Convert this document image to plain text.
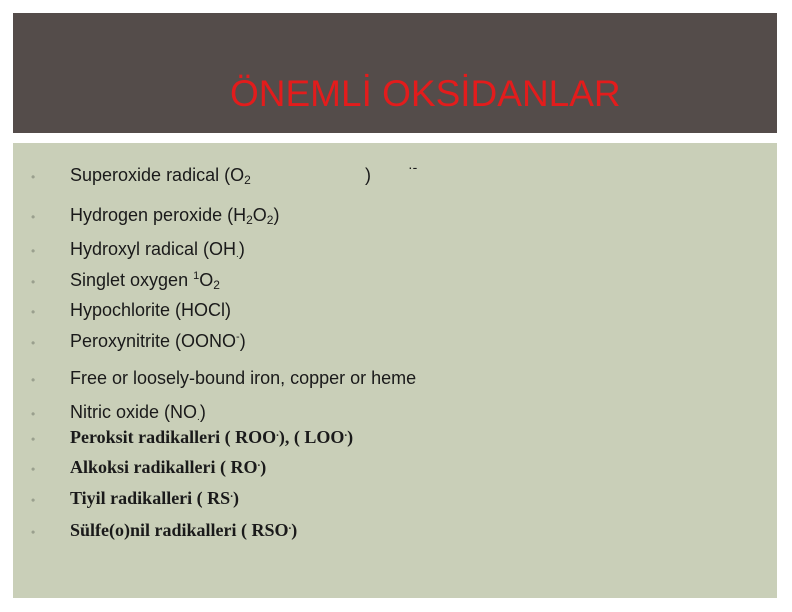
ÖNEMLİ OKSİDANLAR
• Superoxide radical ($O_2$	)	·-
• Hydrogen peroxide $(H_2O_2)$
• Hydroxyl radical (OH.)
• Singlet oxygen $^1O_2$
• Hypochlorite (HOCl)
• Peroxynitrite (OONO-)
• Free or loosely-bound iron, copper or heme
• Nitric oxide (NO.)
• Peroksit radikalleri ( ROO.), ( LOO.)
• Alkoksi radikalleri ( RO.)
• Tiyil radikalleri ( RS.)
• Sülfe(o)nil radikalleri ( RSO.)
